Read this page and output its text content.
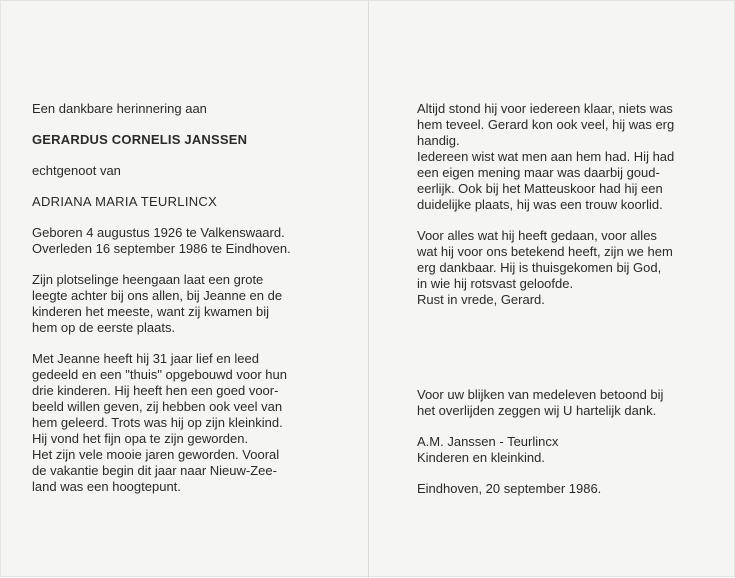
Een dankbare herinnering aan
GERARDUS CORNELIS JANSSEN
echtgenoot van
ADRIANA MARIA TEURLINCX
Geboren 4 augustus 1926 te Valkenswaard.
Overleden 16 september 1986 te Eindhoven.
Zijn plotselinge heengaan laat een grote
leegte achter bij ons allen, bij Jeanne en de
kinderen het meeste, want zij kwamen bij
hem op de eerste plaats.
Met Jeanne heeft hij 31 jaar lief en leed
gedeeld en een "thuis" opgebouwd voor hun
drie kinderen. Hij heeft hen een goed voor-
beeld willen geven, zij hebben ook veel van
hem geleerd. Trots was hij op zijn kleinkind.
Hij vond het fijn opa te zijn geworden.
Het zijn vele mooie jaren geworden. Vooral
de vakantie begin dit jaar naar Nieuw-Zee-
land was een hoogtepunt.
Altijd stond hij voor iedereen klaar, niets was
hem teveel. Gerard kon ook veel, hij was erg
handig.
Iedereen wist wat men aan hem had. Hij had
een eigen mening maar was daarbij goud-
eerlijk. Ook bij het Matteuskoor had hij een
duidelijke plaats, hij was een trouw koorlid.
Voor alles wat hij heeft gedaan, voor alles
wat hij voor ons betekend heeft, zijn we hem
erg dankbaar. Hij is thuisgekomen bij God,
in wie hij rotsvast geloofde.
Rust in vrede, Gerard.
Voor uw blijken van medeleven betoond bij
het overlijden zeggen wij U hartelijk dank.
A.M. Janssen - Teurlincx
Kinderen en kleinkind.
Eindhoven, 20 september 1986.
